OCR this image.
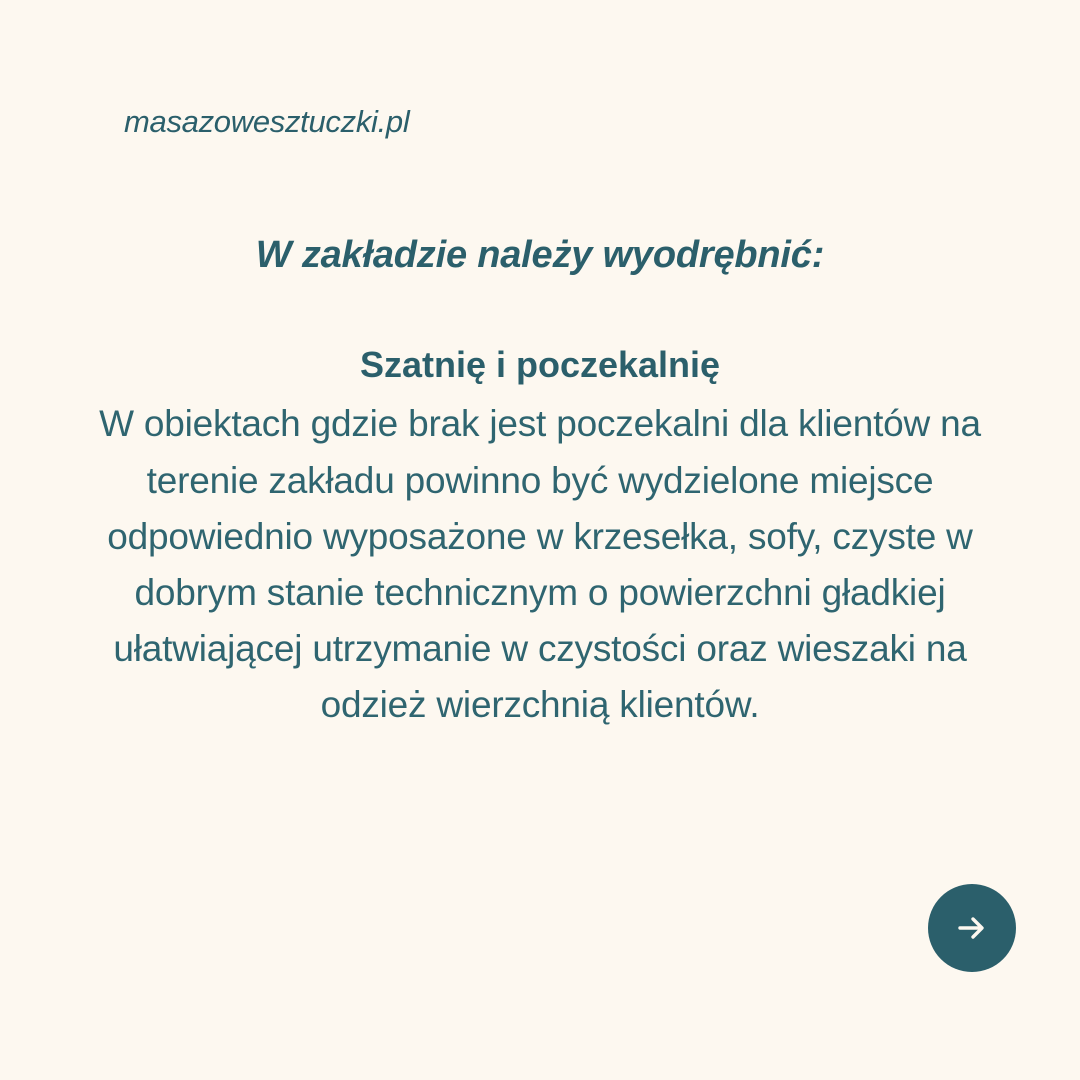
masazowesztuczki.pl

W zakładzie należy wyodrębnić:

Szatnię i poczekalnię

W obiektach gdzie brak jest poczekalni dla klientów na terenie zakładu powinno być wydzielone miejsce odpowiednio wyposażone w krzesełka, sofy, czyste w dobrym stanie technicznym o powierzchni gładkiej ułatwiającej utrzymanie w czystości oraz wieszaki na odzież wierzchnią klientów.
